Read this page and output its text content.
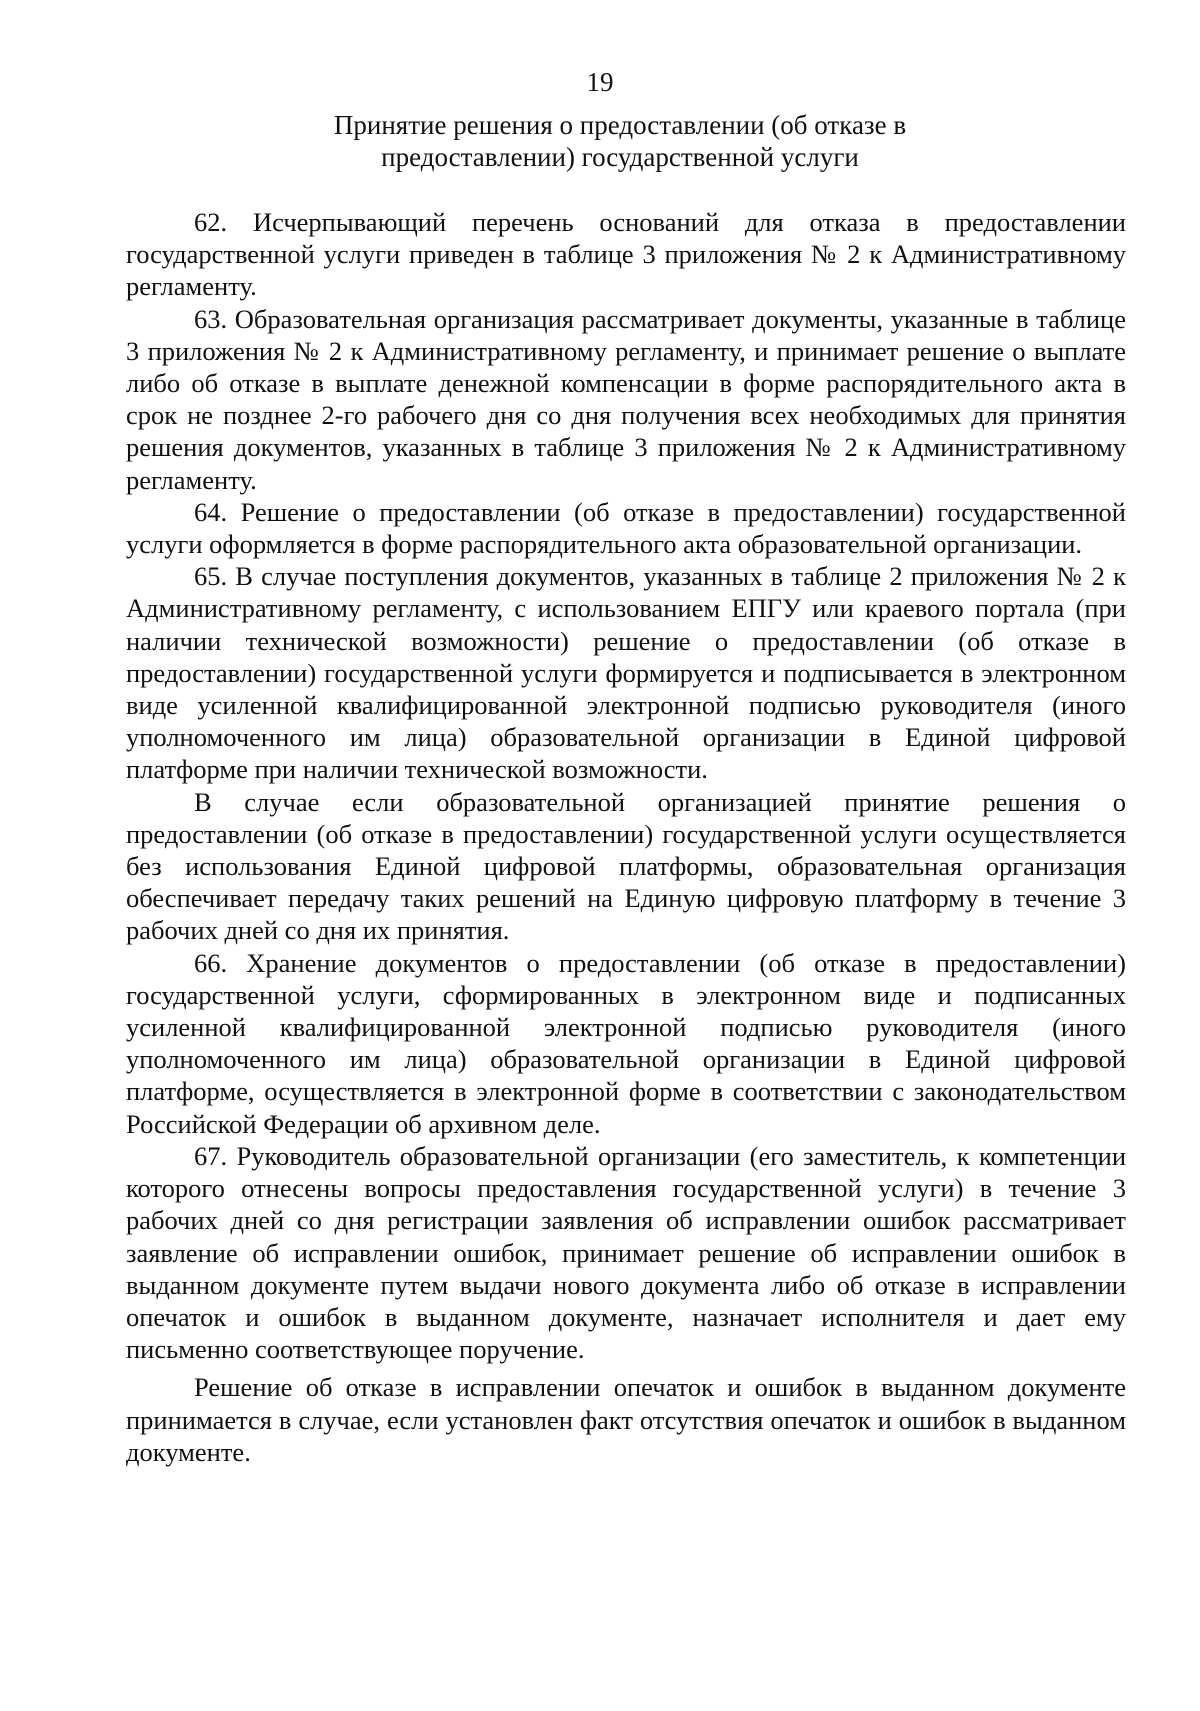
19
Принятие решения о предоставлении (об отказе в предоставлении) государственной услуги

62. Исчерпывающий перечень оснований для отказа в предоставлении государственной услуги приведен в таблице 3 приложения № 2 к Административному регламенту.

63. Образовательная организация рассматривает документы, указанные в таблице 3 приложения № 2 к Административному регламенту, и принимает решение о выплате либо об отказе в выплате денежной компенсации в форме распорядительного акта в срок не позднее 2-го рабочего дня со дня получения всех необходимых для принятия решения документов, указанных в таблице 3 приложения № 2 к Административному регламенту.

64. Решение о предоставлении (об отказе в предоставлении) государственной услуги оформляется в форме распорядительного акта образовательной организации.

65. В случае поступления документов, указанных в таблице 2 приложения № 2 к Административному регламенту, с использованием ЕПГУ или краевого портала (при наличии технической возможности) решение о предоставлении (об отказе в предоставлении) государственной услуги формируется и подписывается в электронном виде усиленной квалифицированной электронной подписью руководителя (иного уполномоченного им лица) образовательной организации в Единой цифровой платформе при наличии технической возможности.

В случае если образовательной организацией принятие решения о предоставлении (об отказе в предоставлении) государственной услуги осуществляется без использования Единой цифровой платформы, образовательная организация обеспечивает передачу таких решений на Единую цифровую платформу в течение 3 рабочих дней со дня их принятия.

66. Хранение документов о предоставлении (об отказе в предоставлении) государственной услуги, сформированных в электронном виде и подписанных усиленной квалифицированной электронной подписью руководителя (иного уполномоченного им лица) образовательной организации в Единой цифровой платформе, осуществляется в электронной форме в соответствии с законодательством Российской Федерации об архивном деле.

67. Руководитель образовательной организации (его заместитель, к компетенции которого отнесены вопросы предоставления государственной услуги) в течение 3 рабочих дней со дня регистрации заявления об исправлении ошибок рассматривает заявление об исправлении ошибок, принимает решение об исправлении ошибок в выданном документе путем выдачи нового документа либо об отказе в исправлении опечаток и ошибок в выданном документе, назначает исполнителя и дает ему письменно соответствующее поручение.

Решение об отказе в исправлении опечаток и ошибок в выданном документе принимается в случае, если установлен факт отсутствия опечаток и ошибок в выданном документе.
